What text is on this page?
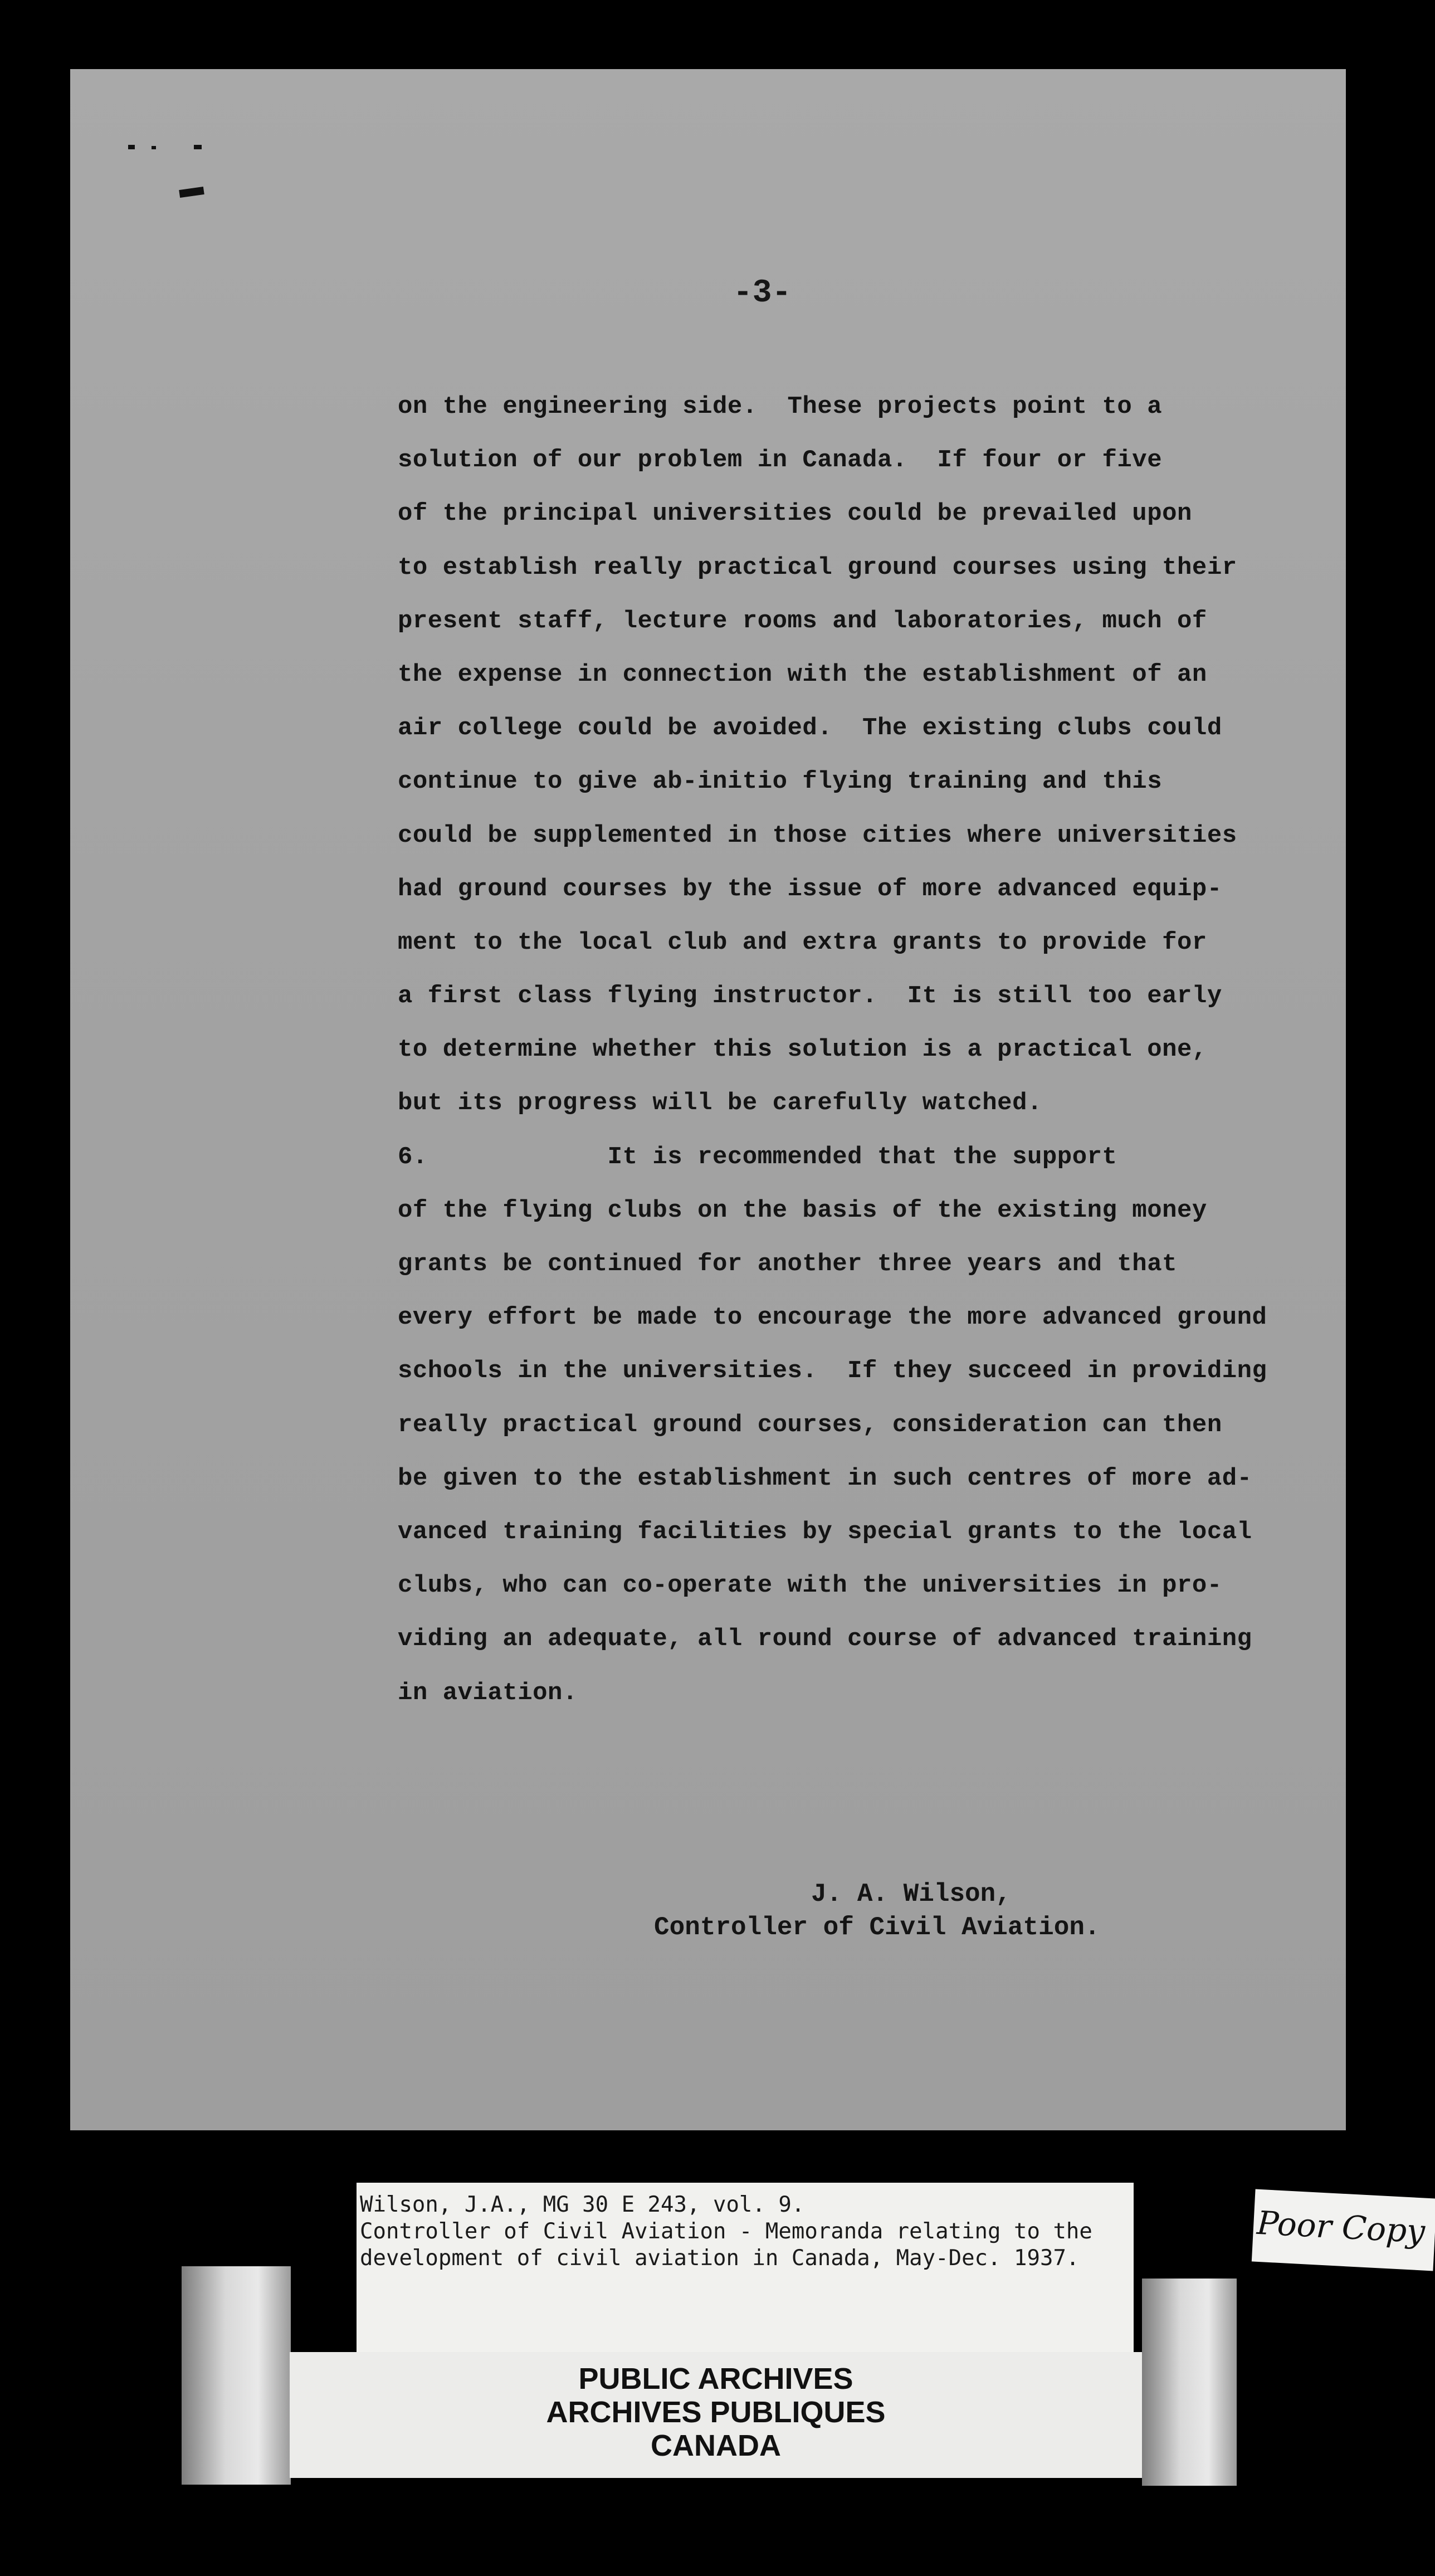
-3-
on the engineering side.  These projects point to a
solution of our problem in Canada.  If four or five
of the principal universities could be prevailed upon
to establish really practical ground courses using their
present staff, lecture rooms and laboratories, much of
the expense in connection with the establishment of an
air college could be avoided.  The existing clubs could
continue to give ab-initio flying training and this
could be supplemented in those cities where universities
had ground courses by the issue of more advanced equip-
ment to the local club and extra grants to provide for
a first class flying instructor.  It is still too early
to determine whether this solution is a practical one,
but its progress will be carefully watched.
6.            It is recommended that the support
of the flying clubs on the basis of the existing money
grants be continued for another three years and that
every effort be made to encourage the more advanced ground
schools in the universities.  If they succeed in providing
really practical ground courses, consideration can then
be given to the establishment in such centres of more ad-
vanced training facilities by special grants to the local
clubs, who can co-operate with the universities in pro-
viding an adequate, all round course of advanced training
in aviation.
J. A. Wilson,
Controller of Civil Aviation.
Wilson, J.A., MG 30 E 243, vol. 9.
Controller of Civil Aviation - Memoranda relating to the
development of civil aviation in Canada, May-Dec. 1937.
PUBLIC ARCHIVES
ARCHIVES PUBLIQUES
CANADA
Poor Copy
